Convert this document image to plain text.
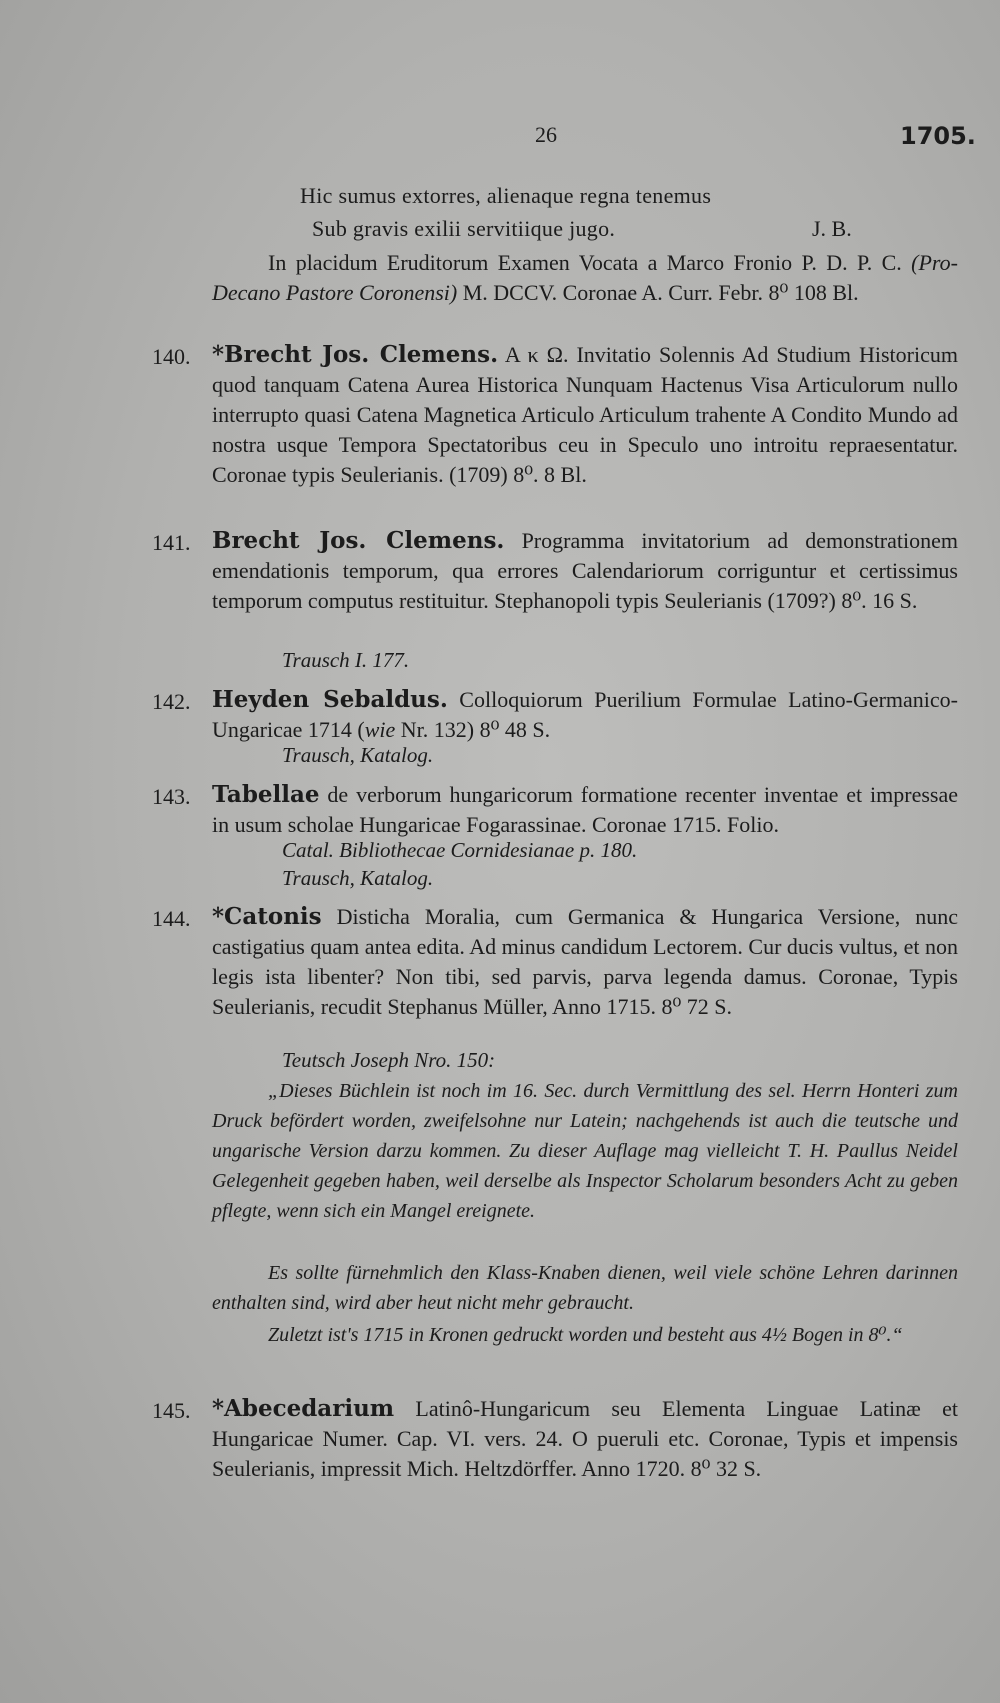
26	1705.
Hic sumus extorres, alienaque regna tenemus
Sub gravis exilii servitiique jugo.	J. B.

In placidum Eruditorum Examen Vocata a Marco Fronio P. D. P. C. (Pro-Decano Pastore Coronensi) M. DCCV. Coronae A. Curr. Febr. 8⁰ 108 Bl.

140. *Brecht Jos. Clemens. A κ Ω. Invitatio Solennis Ad Studium Historicum quod tanquam Catena Aurea Historica Nunquam Hactenus Visa Articulorum nullo interrupto quasi Catena Magnetica Articulo Articulum trahente A Condito Mundo ad nostra usque Tempora Spectatoribus ceu in Speculo uno introitu repraesentatur. Coronae typis Seulerianis. (1709) 8⁰. 8 Bl.

141. Brecht Jos. Clemens. Programma invitatorium ad demonstrationem emendationis temporum, qua errores Calendariorum corriguntur et certissimus temporum computus restituitur. Stephanopoli typis Seulerianis (1709?) 8⁰. 16 S.

Trausch I. 177.
142. Heyden Sebaldus. Colloquiorum Puerilium Formulae Latino-Germanico-Ungaricae 1714 (wie Nr. 132) 8⁰ 48 S.

Trausch, Katalog.
143. Tabellae de verborum hungaricorum formatione recenter inventae et impressae in usum scholae Hungaricae Fogarassinae. Coronae 1715. Folio.

Catal. Bibliothecae Cornidesianae p. 180.
Trausch, Katalog.
144. *Catonis Disticha Moralia, cum Germanica & Hungarica Versione, nunc castigatius quam antea edita. Ad minus candidum Lectorem. Cur ducis vultus, et non legis ista libenter? Non tibi, sed parvis, parva legenda damus. Coronae, Typis Seulerianis, recudit Stephanus Müller, Anno 1715. 8⁰ 72 S.

Teutsch Joseph Nro. 150:

„Dieses Büchlein ist noch im 16. Sec. durch Vermittlung des sel. Herrn Honteri zum Druck befördert worden, zweifelsohne nur Latein; nachgehends ist auch die teutsche und ungarische Version darzu kommen. Zu dieser Auflage mag vielleicht T. H. Paullus Neidel Gelegenheit gegeben haben, weil derselbe als Inspector Scholarum besonders Acht zu geben pflegte, wenn sich ein Mangel ereignete.

Es sollte fürnehmlich den Klass-Knaben dienen, weil viele schöne Lehren darinnen enthalten sind, wird aber heut nicht mehr gebraucht.

Zuletzt ist's 1715 in Kronen gedruckt worden und besteht aus 4½ Bogen in 8⁰.“

145. *Abecedarium Latinô-Hungaricum seu Elementa Linguae Latinæ et Hungaricae Numer. Cap. VI. vers. 24. O pueruli etc. Coronae, Typis et impensis Seulerianis, impressit Mich. Heltzdörffer. Anno 1720. 8⁰ 32 S.
